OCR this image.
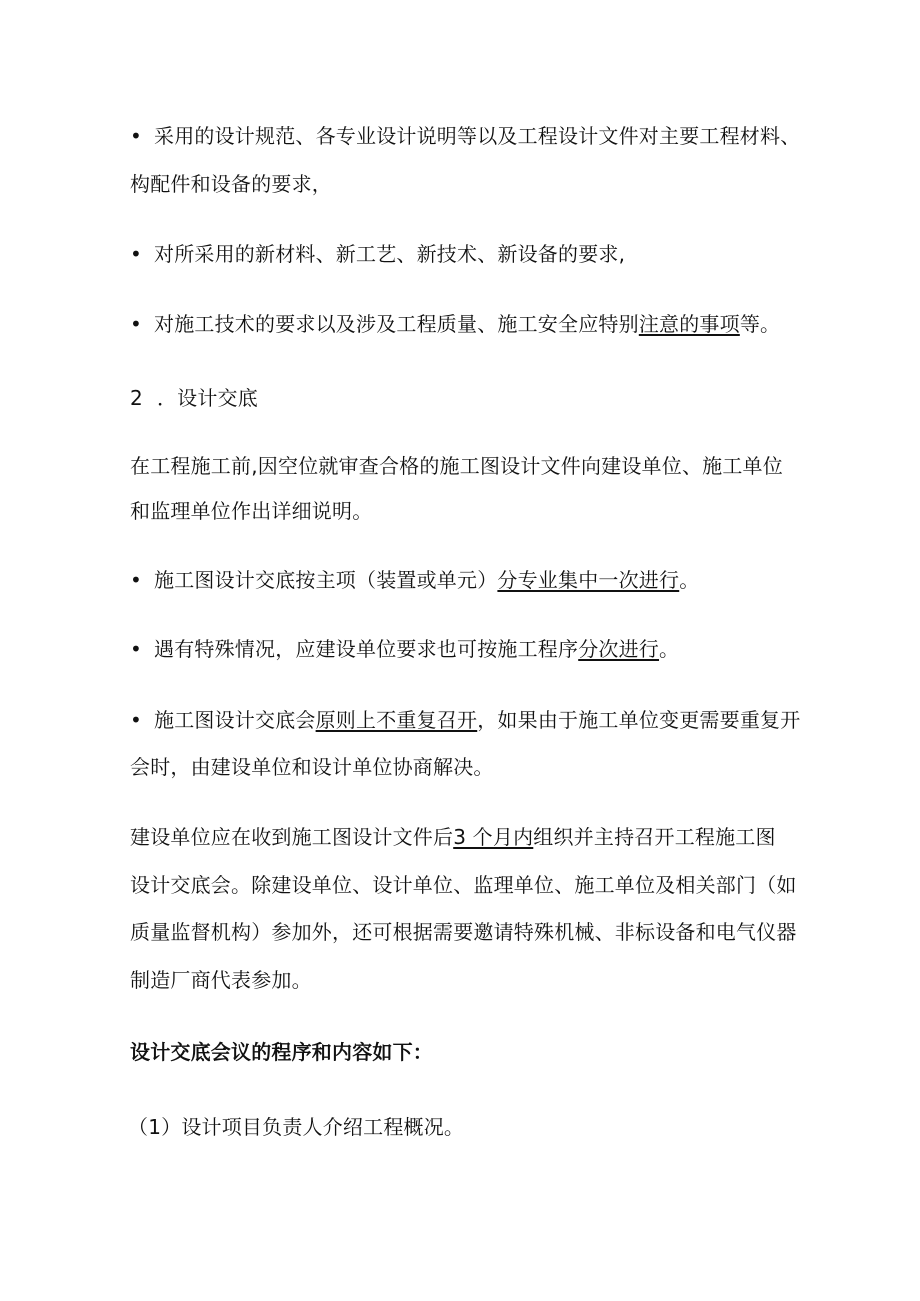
• 采用的设计规范、各专业设计说明等以及工程设计文件对主要工程材料、
构配件和设备的要求，
• 对所采用的新材料、新工艺、新技术、新设备的要求,
• 对施工技术的要求以及涉及工程质量、施工安全应特别注意的事项等。
2 ．设计交底
在工程施工前,因空位就审查合格的施工图设计文件向建设单位、施工单位
和监理单位作出详细说明。
• 施工图设计交底按主项（装置或单元）分专业集中一次进行。
• 遇有特殊情况，应建设单位要求也可按施工程序分次进行。
• 施工图设计交底会原则上不重复召开，如果由于施工单位变更需要重复开
会时，由建设单位和设计单位协商解决。
建设单位应在收到施工图设计文件后3 个月内组织并主持召开工程施工图
设计交底会。除建设单位、设计单位、监理单位、施工单位及相关部门（如
质量监督机构）参加外，还可根据需要邀请特殊机械、非标设备和电气仪器
制造厂商代表参加。
设计交底会议的程序和内容如下：
（1）设计项目负责人介绍工程概况。
